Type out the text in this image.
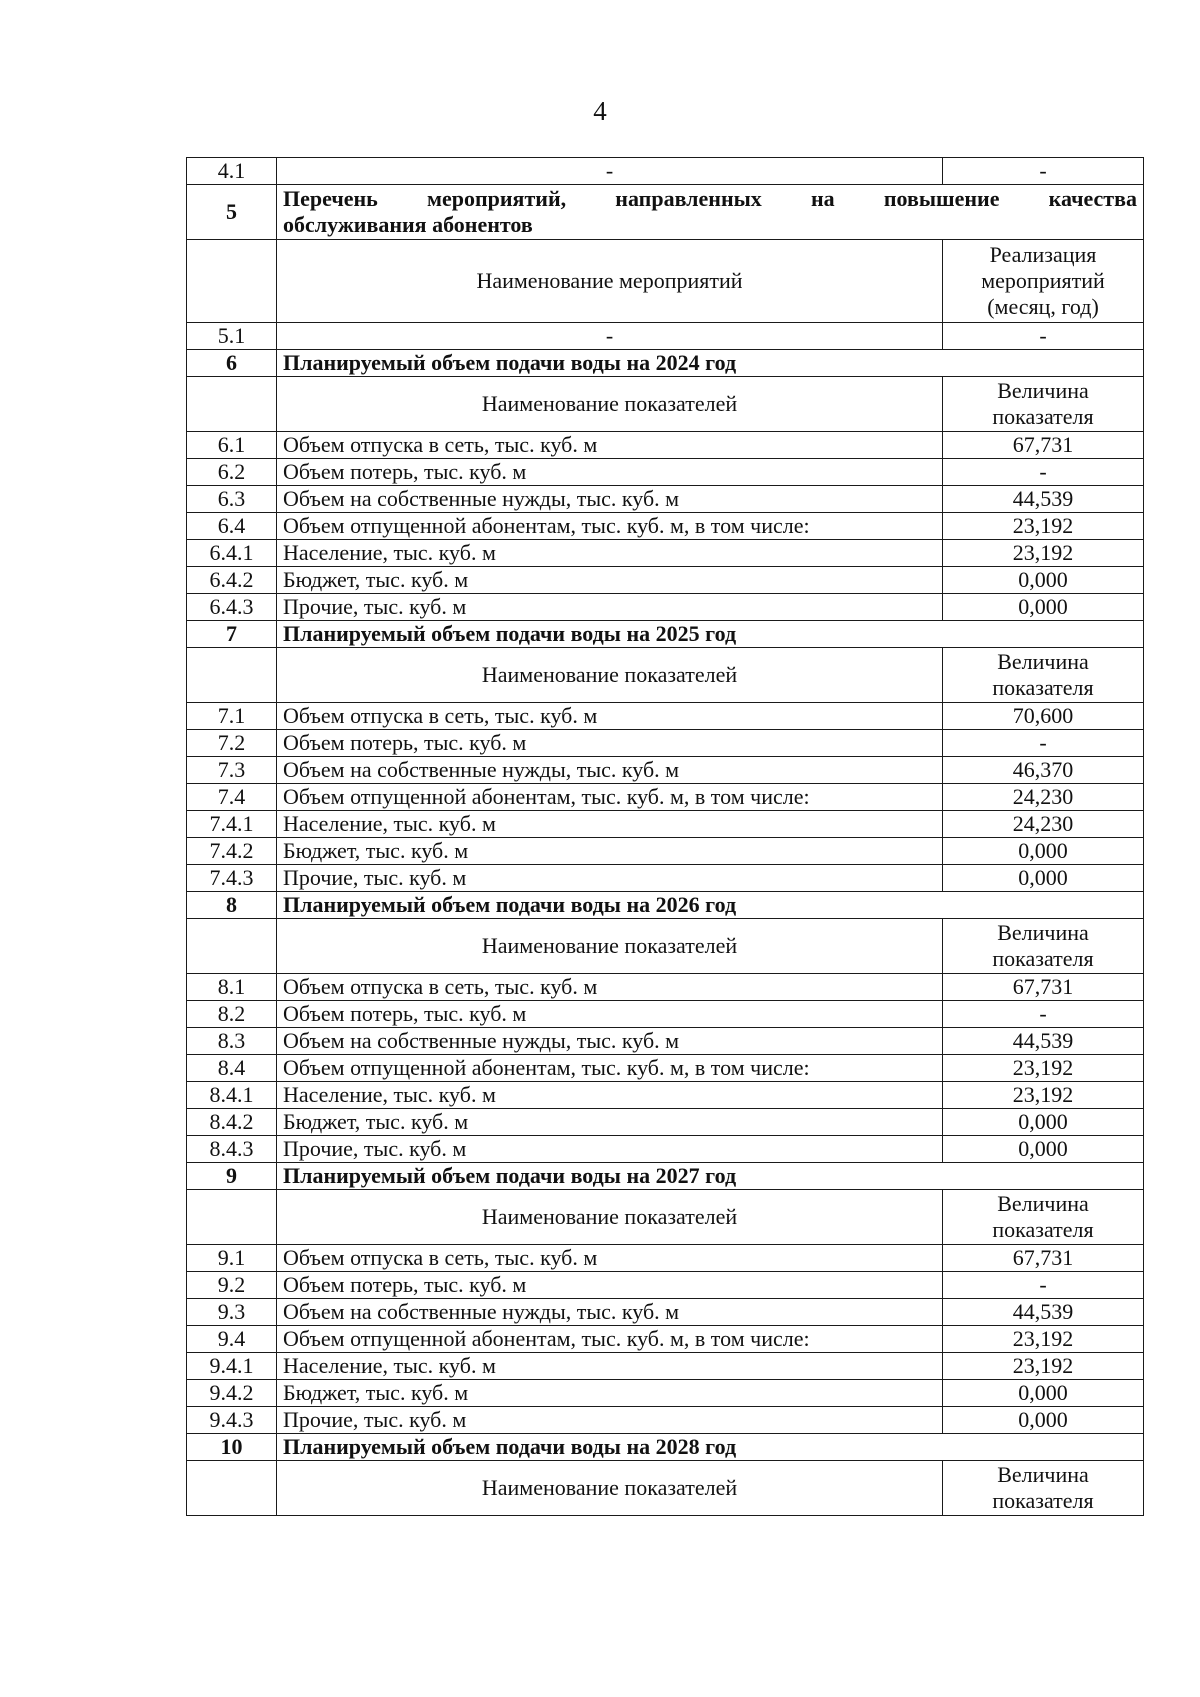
4
4.1	-	-
5	Перечень мероприятий, направленных на повышение качества
обслуживания абонентов	

	Наименование мероприятий	Реализация мероприятий (месяц, год)
5.1	-	-
6	Планируемый объем подачи воды на 2024 год	
	Наименование показателей	Величина показателя
6.1	Объем отпуска в сеть, тыс. куб. м	67,731
6.2	Объем потерь, тыс. куб. м	-
6.3	Объем на собственные нужды, тыс. куб. м	44,539
6.4	Объем отпущенной абонентам, тыс. куб. м, в том числе:	23,192
6.4.1	Население, тыс. куб. м	23,192
6.4.2	Бюджет, тыс. куб. м	0,000
6.4.3	Прочие, тыс. куб. м	0,000
7	Планируемый объем подачи воды на 2025 год	
	Наименование показателей	Величина показателя
7.1	Объем отпуска в сеть, тыс. куб. м	70,600
7.2	Объем потерь, тыс. куб. м	-
7.3	Объем на собственные нужды, тыс. куб. м	46,370
7.4	Объем отпущенной абонентам, тыс. куб. м, в том числе:	24,230
7.4.1	Население, тыс. куб. м	24,230
7.4.2	Бюджет, тыс. куб. м	0,000
7.4.3	Прочие, тыс. куб. м	0,000
8	Планируемый объем подачи воды на 2026 год	
	Наименование показателей	Величина показателя
8.1	Объем отпуска в сеть, тыс. куб. м	67,731
8.2	Объем потерь, тыс. куб. м	-
8.3	Объем на собственные нужды, тыс. куб. м	44,539
8.4	Объем отпущенной абонентам, тыс. куб. м, в том числе:	23,192
8.4.1	Население, тыс. куб. м	23,192
8.4.2	Бюджет, тыс. куб. м	0,000
8.4.3	Прочие, тыс. куб. м	0,000
9	Планируемый объем подачи воды на 2027 год	
	Наименование показателей	Величина показателя
9.1	Объем отпуска в сеть, тыс. куб. м	67,731
9.2	Объем потерь, тыс. куб. м	-
9.3	Объем на собственные нужды, тыс. куб. м	44,539
9.4	Объем отпущенной абонентам, тыс. куб. м, в том числе:	23,192
9.4.1	Население, тыс. куб. м	23,192
9.4.2	Бюджет, тыс. куб. м	0,000
9.4.3	Прочие, тыс. куб. м	0,000
10	Планируемый объем подачи воды на 2028 год	
	Наименование показателей	Величина показателя
